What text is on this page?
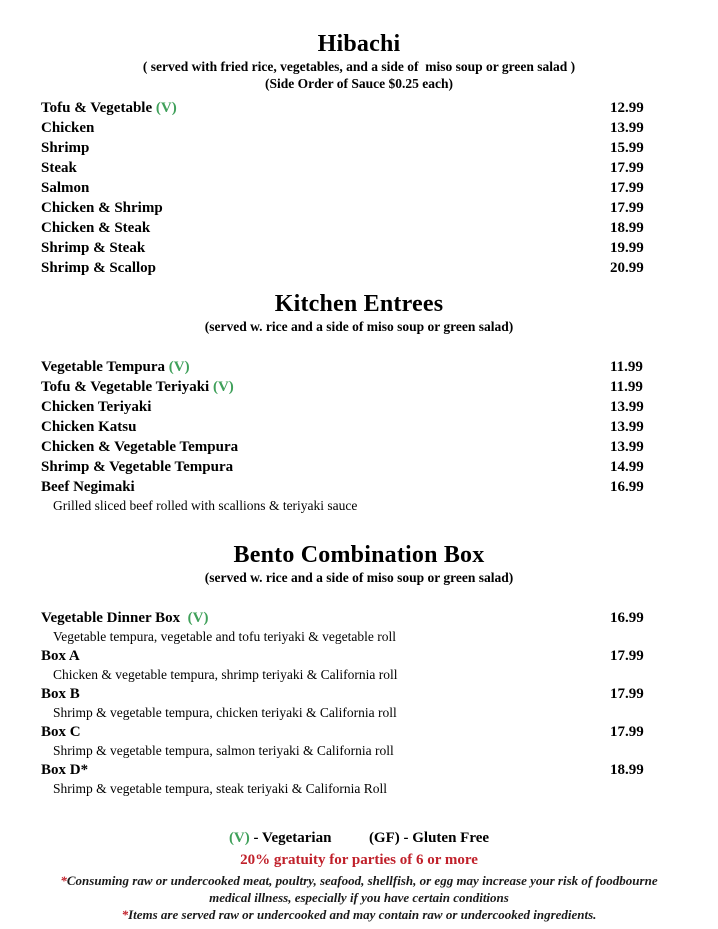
Hibachi
( served with fried rice, vegetables, and a side of  miso soup or green salad )
(Side Order of Sauce $0.25 each)
Tofu & Vegetable (V)	12.99
Chicken	13.99
Shrimp	15.99
Steak	17.99
Salmon	17.99
Chicken & Shrimp	17.99
Chicken & Steak	18.99
Shrimp & Steak	19.99
Shrimp & Scallop	20.99
Kitchen Entrees
(served w. rice and a side of miso soup or green salad)
Vegetable Tempura (V)	11.99
Tofu & Vegetable Teriyaki (V)	11.99
Chicken Teriyaki	13.99
Chicken Katsu	13.99
Chicken & Vegetable Tempura	13.99
Shrimp & Vegetable Tempura	14.99
Beef Negimaki	16.99
Grilled sliced beef rolled with scallions & teriyaki sauce
Bento Combination Box
(served w. rice and a side of miso soup or green salad)
Vegetable Dinner Box  (V)	16.99
Vegetable tempura, vegetable and tofu teriyaki & vegetable roll
Box A	17.99
Chicken & vegetable tempura, shrimp teriyaki & California roll
Box B	17.99
Shrimp & vegetable tempura, chicken teriyaki & California roll
Box C	17.99
Shrimp & vegetable tempura, salmon teriyaki & California roll
Box D*	18.99
Shrimp & vegetable tempura, steak teriyaki & California Roll
(V) - Vegetarian	(GF) - Gluten Free
20% gratuity for parties of 6 or more
*Consuming raw or undercooked meat, poultry, seafood, shellfish, or egg may increase your risk of foodbourne
medical illness, especially if you have certain conditions
*Items are served raw or undercooked and may contain raw or undercooked ingredients.
